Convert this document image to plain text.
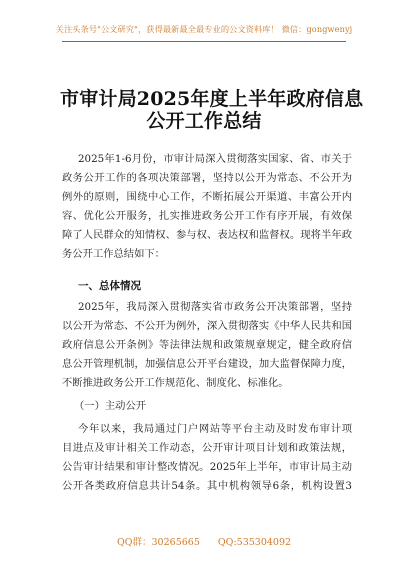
关注头条号"公文研究"，获得最新最全最专业的公文资料库！ 微信：gongwenyj
市审计局2025年度上半年政府信息
公开工作总结
2025年1-6月份，市审计局深入贯彻落实国家、省、市关于
政务公开工作的各项决策部署，坚持以公开为常态、不公开为
例外的原则，围绕中心工作，不断拓展公开渠道、丰富公开内
容、优化公开服务，扎实推进政务公开工作有序开展，有效保
障了人民群众的知情权、参与权、表达权和监督权。现将半年政
务公开工作总结如下：
一、总体情况
2025年，我局深入贯彻落实省市政务公开决策部署，坚持
以公开为常态、不公开为例外，深入贯彻落实《中华人民共和国
政府信息公开条例》等法律法规和政策规章规定，健全政府信
息公开管理机制，加强信息公开平台建设，加大监督保障力度，
不断推进政务公开工作规范化、制度化、标准化。
（一）主动公开
今年以来，我局通过门户网站等平台主动及时发布审计项
目进点及审计相关工作动态，公开审计项目计划和政策法规，
公告审计结果和审计整改情况。2025年上半年，市审计局主动
公开各类政府信息共计54条。其中机构领导6条，机构设置3
QQ群：30265665 QQ:535304092
